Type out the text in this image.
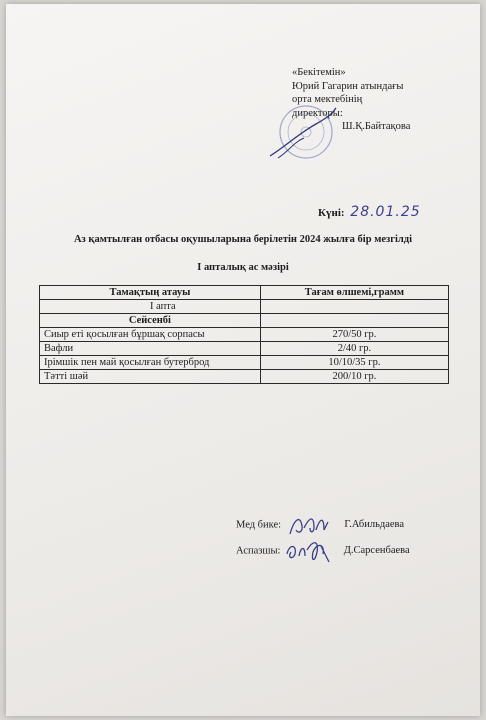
«Бекітемін»
Юрий Гагарин атындағы
орта мектебінің
директоры:
Ш.Қ.Байтақова
Күні: 28.01.25
Аз қамтылған отбасы оқушыларына берілетін 2024 жылға бір мезгілді
I апталық ас мәзірі
Тамақтың атауы	Тағам өлшемі,грамм
I апта	
Сейсенбі	
Сиыр еті қосылған бұршақ сорпасы	270/50 гр.
Вафли	2/40 гр.
Ірімшік пен май қосылған бутерброд	10/10/35 гр.
Тәтті шәй	200/10 гр.
Мед бике:	Г.Абильдаева
Аспазшы:	Д.Сарсенбаева
